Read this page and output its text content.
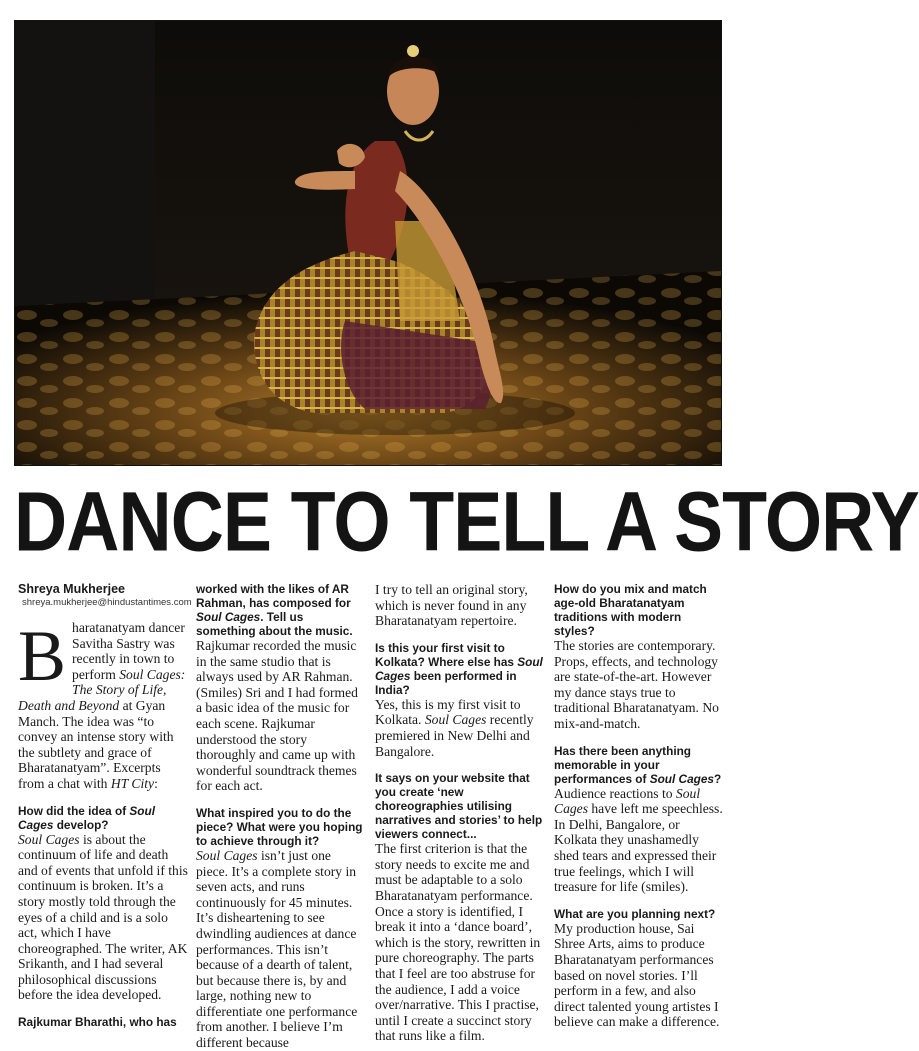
DANCE TO TELL A STORY
Shreya Mukherjee
shreya.mukherjee@hindustantimes.com

Bharatanatyam dancer Savitha Sastry was recently in town to perform Soul Cages: The Story of Life, Death and Beyond at Gyan Manch. The idea was “to convey an intense story with the subtlety and grace of Bharatanatyam”. Excerpts from a chat with HT City:

How did the idea of Soul Cages develop?

Soul Cages is about the continuum of life and death and of events that unfold if this continuum is broken. It’s a story mostly told through the eyes of a child and is a solo act, which I have choreographed. The writer, AK Srikanth, and I had several philosophical discussions before the idea developed.

Rajkumar Bharathi, who has

worked with the likes of AR Rahman, has composed for Soul Cages. Tell us something about the music.

Rajkumar recorded the music in the same studio that is always used by AR Rahman. (Smiles) Sri and I had formed a basic idea of the music for each scene. Rajkumar understood the story thoroughly and came up with wonderful soundtrack themes for each act.

What inspired you to do the piece? What were you hoping to achieve through it?

Soul Cages isn’t just one piece. It’s a complete story in seven acts, and runs continuously for 45 minutes. It’s disheartening to see dwindling audiences at dance performances. This isn’t because of a dearth of talent, but because there is, by and large, nothing new to differentiate one performance from another. I believe I’m different because

I try to tell an original story, which is never found in any Bharatanatyam repertoire.

Is this your first visit to Kolkata? Where else has Soul Cages been performed in India?

Yes, this is my first visit to Kolkata. Soul Cages recently premiered in New Delhi and Bangalore.

It says on your website that you create ‘new choreographies utilising narratives and stories’ to help viewers connect...

The first criterion is that the story needs to excite me and must be adaptable to a solo Bharatanatyam performance. Once a story is identified, I break it into a ‘dance board’, which is the story, rewritten in pure choreography. The parts that I feel are too abstruse for the audience, I add a voice over/narrative. This I practise, until I create a succinct story that runs like a film.

How do you mix and match age-old Bharatanatyam traditions with modern styles?

The stories are contemporary. Props, effects, and technology are state-of-the-art. However my dance stays true to traditional Bharatanatyam. No mix-and-match.

Has there been anything memorable in your performances of Soul Cages?

Audience reactions to Soul Cages have left me speechless. In Delhi, Bangalore, or Kolkata they unashamedly shed tears and expressed their true feelings, which I will treasure for life (smiles).

What are you planning next?

My production house, Sai Shree Arts, aims to produce Bharatanatyam performances based on novel stories. I’ll perform in a few, and also direct talented young artistes I believe can make a difference.
